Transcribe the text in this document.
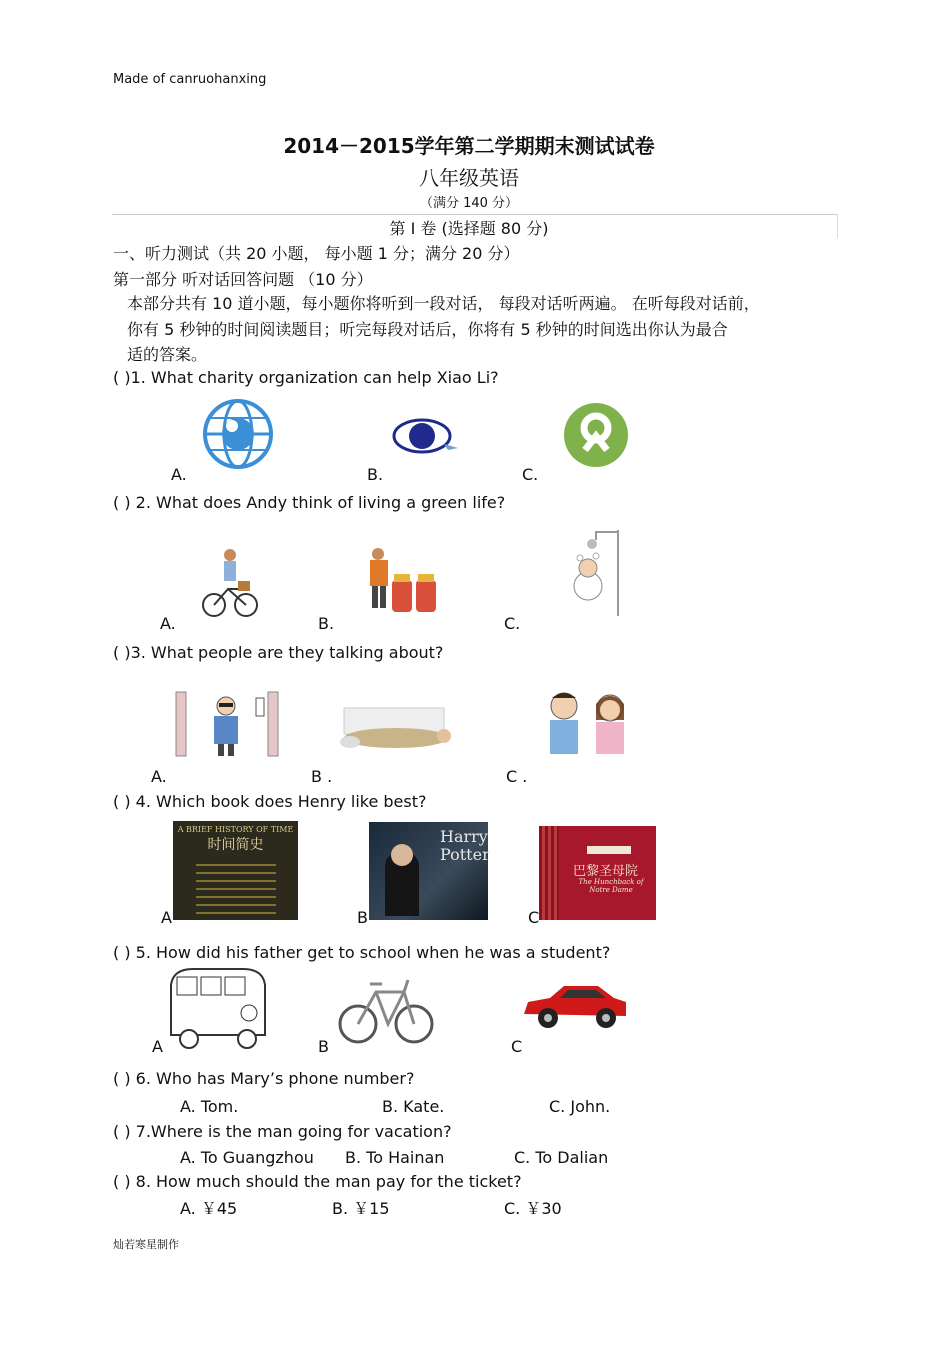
Made of canruohanxing
2014－2015学年第二学期期末测试试卷
八年级英语
（满分 140 分）
第 I 卷 (选择题 80 分)
一、听力测试（共 20 小题， 每小题 1 分；满分 20 分）
第一部分 听对话回答问题 （10 分）
本部分共有 10 道小题，每小题你将听到一段对话， 每段对话听两遍。 在听每段对话前，
你有 5 秒钟的时间阅读题目；听完每段对话后，你将有 5 秒钟的时间选出你认为最合
适的答案。
( )1. What charity organization can help Xiao Li?
A.	B.	C.
( ) 2. What does Andy think of living a green life?
A.	B.	C.
( )3. What people are they talking about?
A.	B .	C .
( ) 4. Which book does Henry like best?
A BRIEF HISTORY OF TIME
时间简史	Harry Potter
巴黎圣母院
The Hunchback of Notre Dame
A	B	C
( ) 5. How did his father get to school when he was a student?
A	B	C
( ) 6. Who has Mary’s phone number?
A. Tom.	B. Kate.	C. John.
( ) 7.Where is the man going for vacation?
A. To Guangzhou B. To Hainan	C. To Dalian
( ) 8. How much should the man pay for the ticket?
A. ￥45	B. ￥15	C. ￥30
灿若寒星制作
